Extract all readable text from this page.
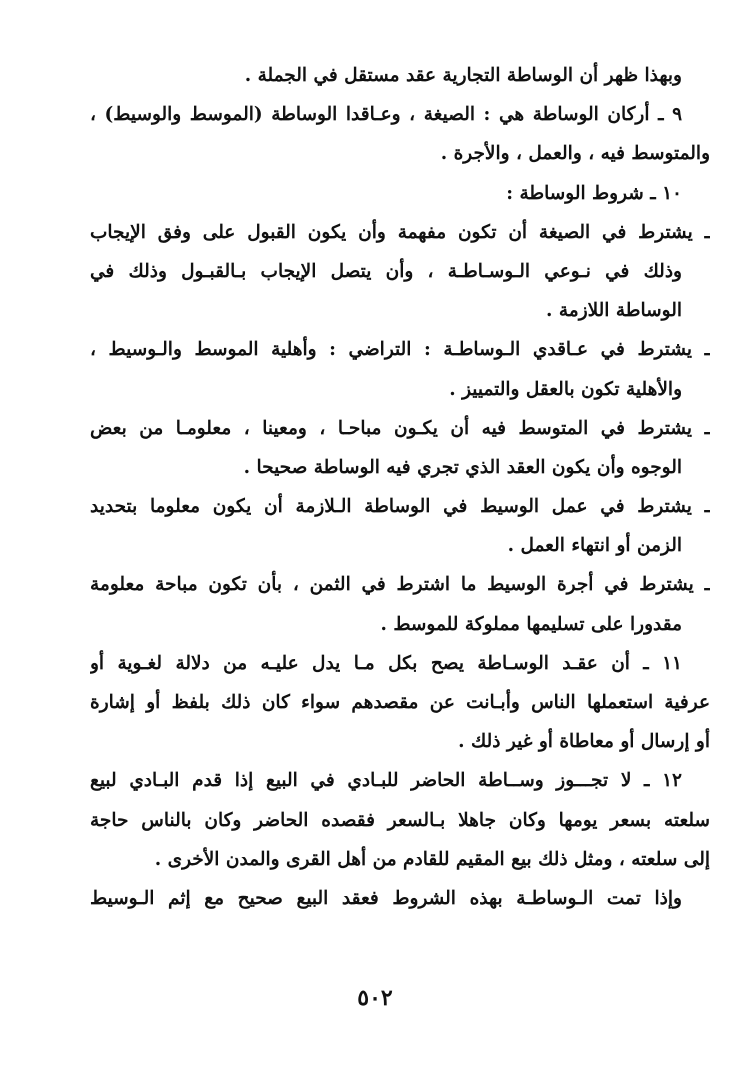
وبهذا ظهر أن الوساطة التجارية عقد مستقل في الجملة .
٩ ـ أركان الوساطة هي : الصيغة ، وعـاقدا الوساطة (الموسط والوسيط) ،
والمتوسط فيه ، والعمل ، والأجرة .
١٠ ـ شروط الوساطة :
ـ يشترط في الصيغة أن تكون مفهمة وأن يكون القبول على وفق الإيجاب
وذلك في نـوعي الـوسـاطـة ، وأن يتصل الإيجاب بـالقبـول وذلك في
الوساطة اللازمة .
ـ يشترط في عـاقدي الـوساطـة : التراضي : وأهلية الموسط والـوسيط ،
والأهلية تكون بالعقل والتمييز .
ـ يشترط في المتوسط فيه أن يكـون مباحـا ، ومعينا ، معلومـا من بعض
الوجوه وأن يكون العقد الذي تجري فيه الوساطة صحيحا .
ـ يشترط في عمل الوسيط في الوساطة الـلازمة أن يكون معلوما بتحديد
الزمن أو انتهاء العمل .
ـ يشترط في أجرة الوسيط ما اشترط في الثمن ، بأن تكون مباحة معلومة
مقدورا على تسليمها مملوكة للموسط .
١١ ـ أن عقـد الوسـاطة يصح بكل مـا يدل عليـه من دلالة لغـوية أو
عرفية استعملها الناس وأبـانت عن مقصدهم سواء كان ذلك بلفظ أو إشارة
أو إرسال أو معاطاة أو غير ذلك .
١٢ ـ لا تجـــوز وســاطة الحاضر للبـادي في البيع إذا قدم البـادي لبيع
سلعته بسعر يومها وكان جاهلا بـالسعر فقصده الحاضر وكان بالناس حاجة
إلى سلعته ، ومثل ذلك بيع المقيم للقادم من أهل القرى والمدن الأخرى .
وإذا تمت الـوساطـة بهذه الشروط فعقد البيع صحيح مع إثم الـوسيط
٥٠٢
